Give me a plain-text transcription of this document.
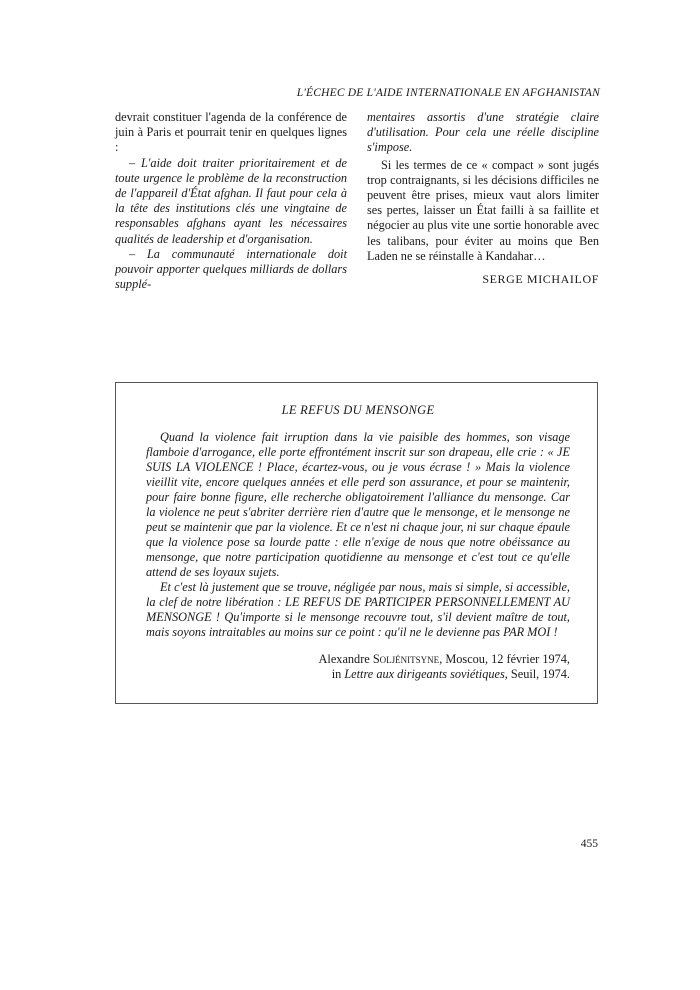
L'ÉCHEC DE L'AIDE INTERNATIONALE EN AFGHANISTAN

devrait constituer l'agenda de la conférence de juin à Paris et pourrait tenir en quelques lignes :

– L'aide doit traiter prioritairement et de toute urgence le problème de la reconstruction de l'appareil d'État afghan. Il faut pour cela à la tête des institutions clés une vingtaine de responsables afghans ayant les nécessaires qualités de leadership et d'organisation.

– La communauté internationale doit pouvoir apporter quelques milliards de dollars supplé-

mentaires assortis d'une stratégie claire d'utilisation. Pour cela une réelle discipline s'impose.

Si les termes de ce « compact » sont jugés trop contraignants, si les décisions difficiles ne peuvent être prises, mieux vaut alors limiter ses pertes, laisser un État failli à sa faillite et négocier au plus vite une sortie honorable avec les talibans, pour éviter au moins que Ben Laden ne se réinstalle à Kandahar…

SERGE MICHAILOF

LE REFUS DU MENSONGE

Quand la violence fait irruption dans la vie paisible des hommes, son visage flamboie d'arrogance, elle porte effrontément inscrit sur son drapeau, elle crie : « JE SUIS LA VIOLENCE ! Place, écartez-vous, ou je vous écrase ! » Mais la violence vieillit vite, encore quelques années et elle perd son assurance, et pour se maintenir, pour faire bonne figure, elle recherche obligatoirement l'alliance du mensonge. Car la violence ne peut s'abriter derrière rien d'autre que le mensonge, et le mensonge ne peut se maintenir que par la violence. Et ce n'est ni chaque jour, ni sur chaque épaule que la violence pose sa lourde patte : elle n'exige de nous que notre obéissance au mensonge, que notre participation quotidienne au mensonge et c'est tout ce qu'elle attend de ses loyaux sujets.

Et c'est là justement que se trouve, négligée par nous, mais si simple, si accessible, la clef de notre libération : LE REFUS DE PARTICIPER PERSONNELLEMENT AU MENSONGE ! Qu'importe si le mensonge recouvre tout, s'il devient maître de tout, mais soyons intraitables au moins sur ce point : qu'il ne le devienne pas PAR MOI !

Alexandre Soljénitsyne, Moscou, 12 février 1974,
in Lettre aux dirigeants soviétiques, Seuil, 1974.
455
